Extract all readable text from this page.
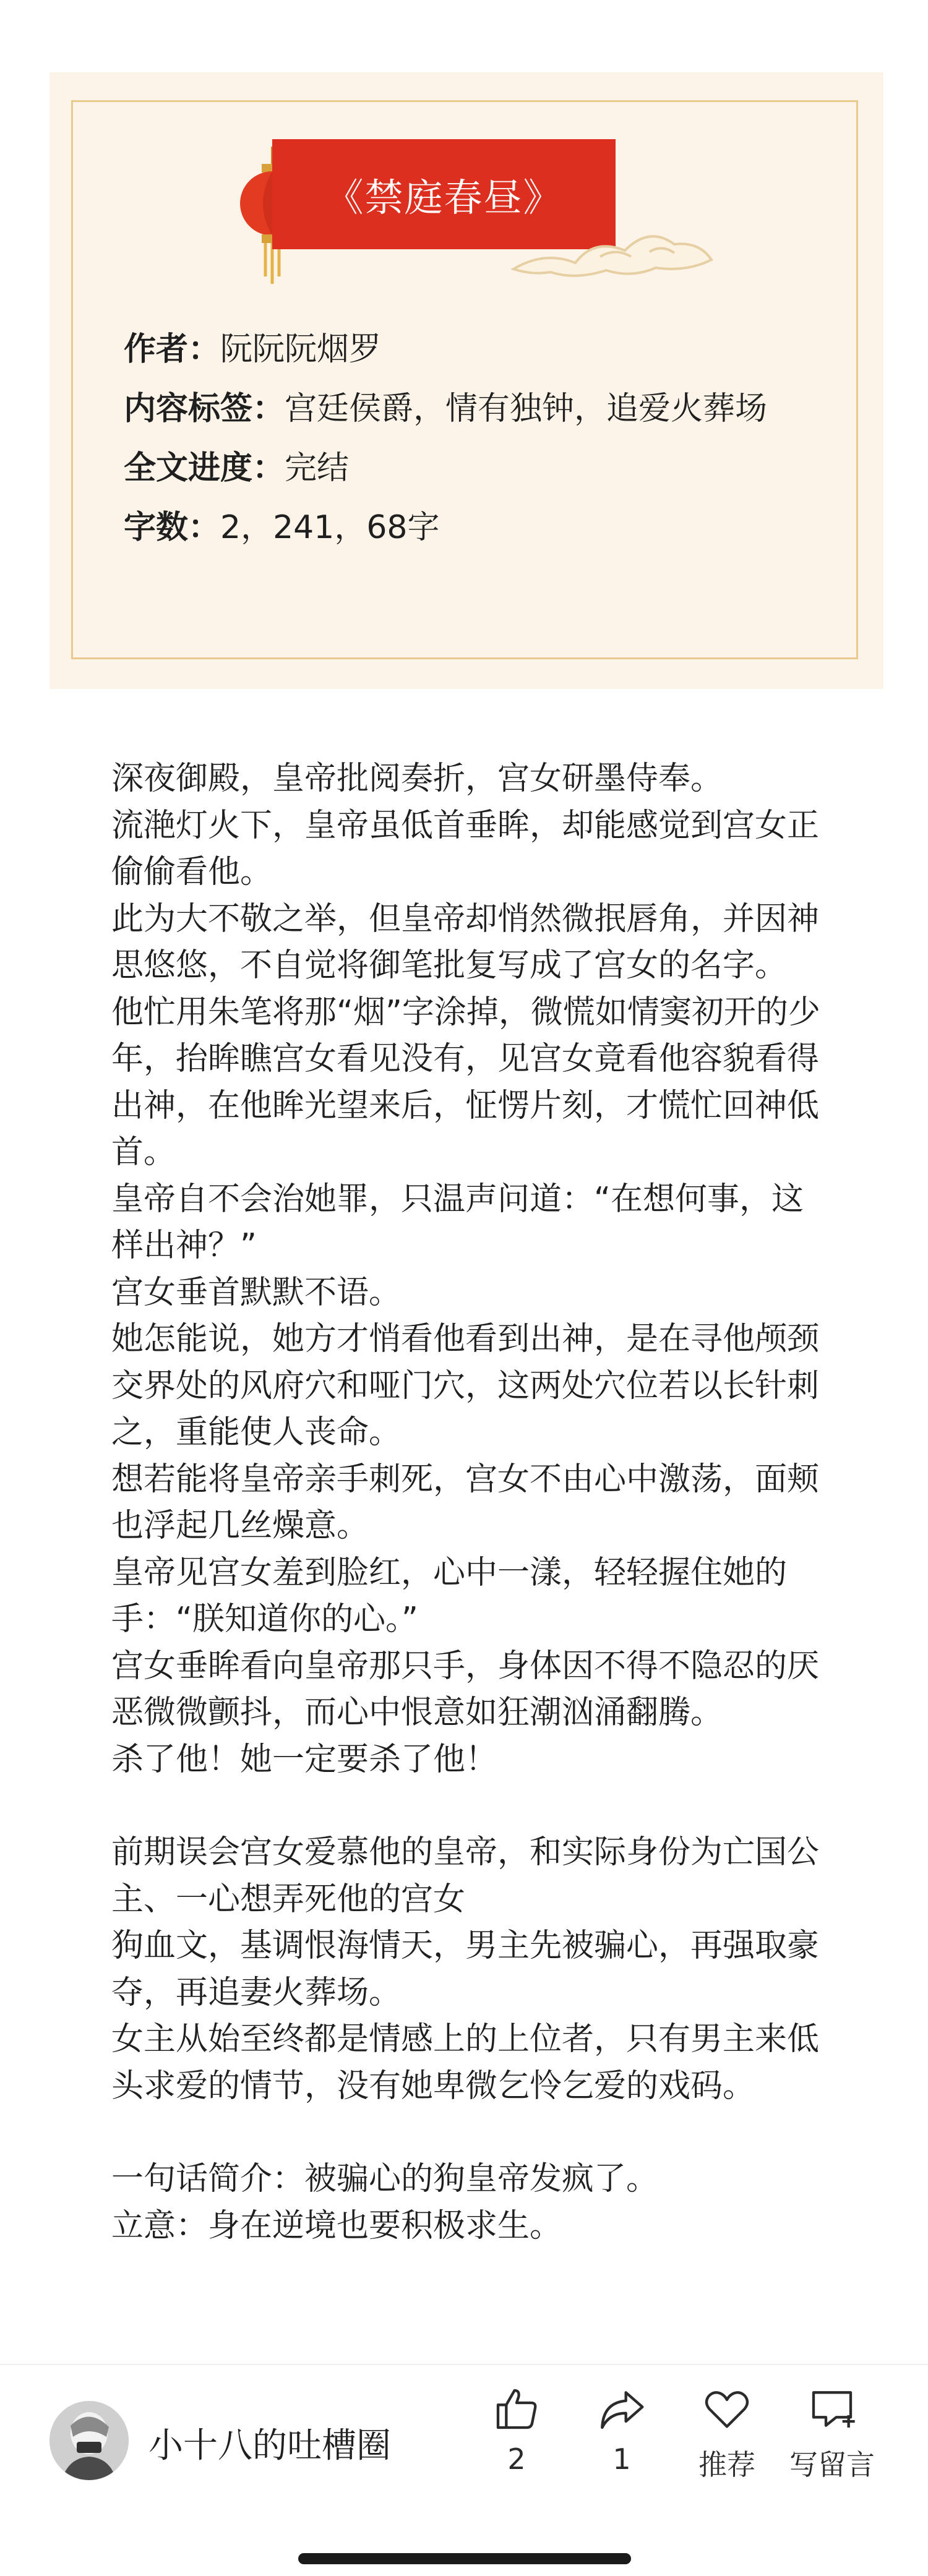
《禁庭春昼》
作者：阮阮阮烟罗
内容标签：宫廷侯爵，情有独钟，追爱火葬场
全文进度：完结
字数：2，241，68字

深夜御殿，皇帝批阅奏折，宫女研墨侍奉。

流滟灯火下，皇帝虽低首垂眸，却能感觉到宫女正偷偷看他。

此为大不敬之举，但皇帝却悄然微抿唇角，并因神思悠悠，不自觉将御笔批复写成了宫女的名字。

他忙用朱笔将那“烟”字涂掉，微慌如情窦初开的少年，抬眸瞧宫女看见没有，见宫女竟看他容貌看得出神，在他眸光望来后，怔愣片刻，才慌忙回神低首。

皇帝自不会治她罪，只温声问道：“在想何事，这样出神？”

宫女垂首默默不语。

她怎能说，她方才悄看他看到出神，是在寻他颅颈交界处的风府穴和哑门穴，这两处穴位若以长针刺之，重能使人丧命。

想若能将皇帝亲手刺死，宫女不由心中激荡，面颊也浮起几丝燥意。

皇帝见宫女羞到脸红，心中一漾，轻轻握住她的手：“朕知道你的心。”

宫女垂眸看向皇帝那只手，身体因不得不隐忍的厌恶微微颤抖，而心中恨意如狂潮汹涌翻腾。

杀了他！她一定要杀了他！

前期误会宫女爱慕他的皇帝，和实际身份为亡国公主、一心想弄死他的宫女

狗血文，基调恨海情天，男主先被骗心，再强取豪夺，再追妻火葬场。

女主从始至终都是情感上的上位者，只有男主来低头求爱的情节，没有她卑微乞怜乞爱的戏码。

一句话简介：被骗心的狗皇帝发疯了。

立意：身在逆境也要积极求生。

小十八的吐槽圈	2	1	推荐	写留言
